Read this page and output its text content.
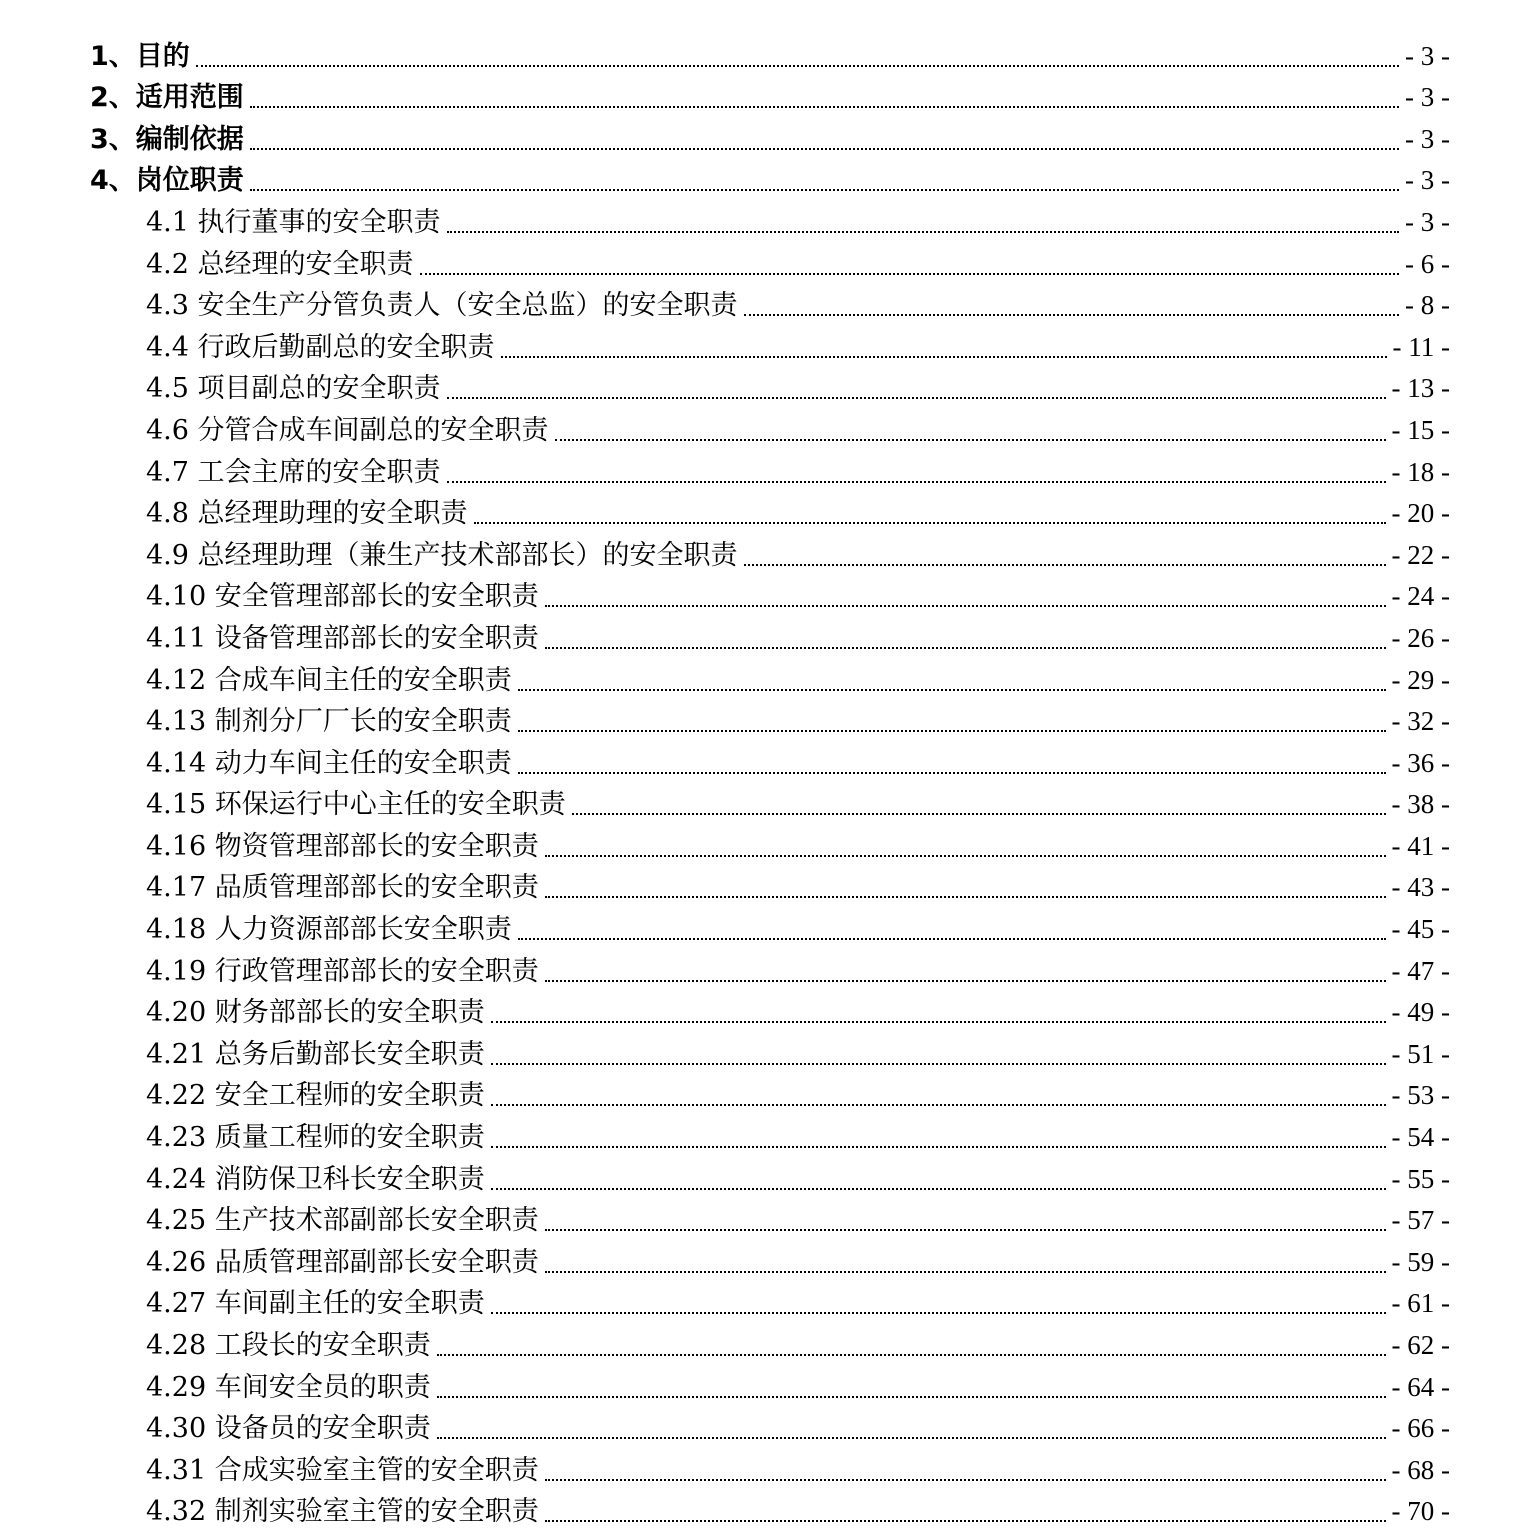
1、目的	- 3 -
2、适用范围	- 3 -
3、编制依据	- 3 -
4、岗位职责	- 3 -
4.1 执行董事的安全职责	- 3 -
4.2 总经理的安全职责	- 6 -
4.3 安全生产分管负责人（安全总监）的安全职责	- 8 -
4.4 行政后勤副总的安全职责	- 11 -
4.5 项目副总的安全职责	- 13 -
4.6 分管合成车间副总的安全职责	- 15 -
4.7 工会主席的安全职责	- 18 -
4.8 总经理助理的安全职责	- 20 -
4.9 总经理助理（兼生产技术部部长）的安全职责	- 22 -
4.10 安全管理部部长的安全职责	- 24 -
4.11 设备管理部部长的安全职责	- 26 -
4.12 合成车间主任的安全职责	- 29 -
4.13 制剂分厂厂长的安全职责	- 32 -
4.14 动力车间主任的安全职责	- 36 -
4.15 环保运行中心主任的安全职责	- 38 -
4.16 物资管理部部长的安全职责	- 41 -
4.17 品质管理部部长的安全职责	- 43 -
4.18 人力资源部部长安全职责	- 45 -
4.19 行政管理部部长的安全职责	- 47 -
4.20 财务部部长的安全职责	- 49 -
4.21 总务后勤部长安全职责	- 51 -
4.22 安全工程师的安全职责	- 53 -
4.23 质量工程师的安全职责	- 54 -
4.24 消防保卫科长安全职责	- 55 -
4.25 生产技术部副部长安全职责	- 57 -
4.26 品质管理部副部长安全职责	- 59 -
4.27 车间副主任的安全职责	- 61 -
4.28 工段长的安全职责	- 62 -
4.29 车间安全员的职责	- 64 -
4.30 设备员的安全职责	- 66 -
4.31 合成实验室主管的安全职责	- 68 -
4.32 制剂实验室主管的安全职责	- 70 -
